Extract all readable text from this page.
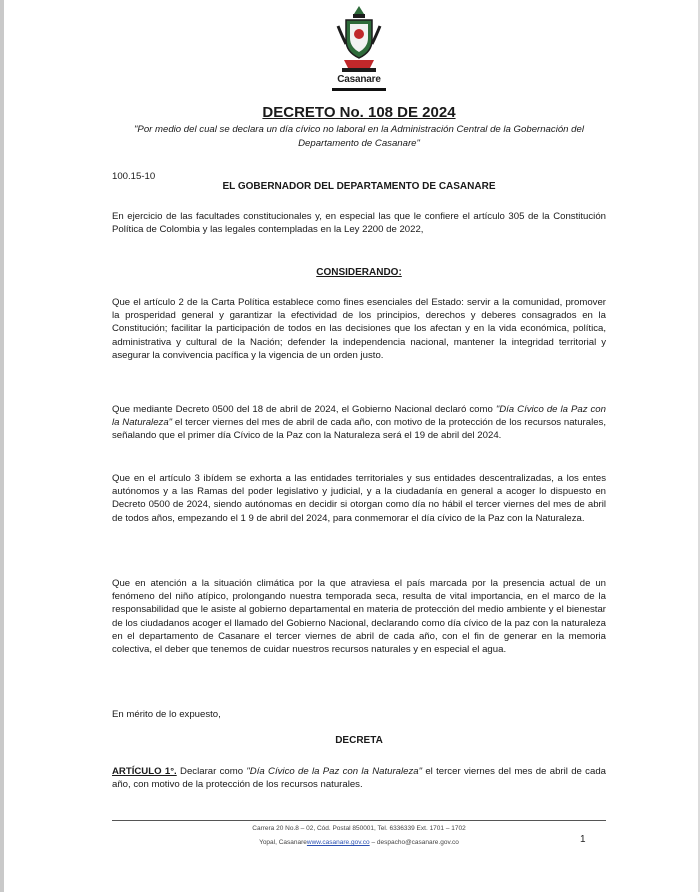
Casanare
DECRETO No. 108 DE 2024
"Por medio del cual se declara un día cívico no laboral en la Administración Central de la Gobernación del Departamento de Casanare"
100.15-10
EL GOBERNADOR DEL DEPARTAMENTO DE CASANARE
En ejercicio de las facultades constitucionales y, en especial las que le confiere el artículo 305 de la Constitución Política de Colombia y las legales contempladas en la Ley 2200 de 2022,
CONSIDERANDO:
Que el artículo 2 de la Carta Política establece como fines esenciales del Estado: servir a la comunidad, promover la prosperidad general y garantizar la efectividad de los principios, derechos y deberes consagrados en la Constitución; facilitar la participación de todos en las decisiones que los afectan y en la vida económica, política, administrativa y cultural de la Nación; defender la independencia nacional, mantener la integridad territorial y asegurar la convivencia pacífica y la vigencia de un orden justo.
Que mediante Decreto 0500 del 18 de abril de 2024, el Gobierno Nacional declaró como "Día Cívico de la Paz con la Naturaleza" el tercer viernes del mes de abril de cada año, con motivo de la protección de los recursos naturales, señalando que el primer día Cívico de la Paz con la Naturaleza será el 19 de abril del 2024.
Que en el artículo 3 ibídem se exhorta a las entidades territoriales y sus entidades descentralizadas, a los entes autónomos y a las Ramas del poder legislativo y judicial, y a la ciudadanía en general a acoger lo dispuesto en Decreto 0500 de 2024, siendo autónomas en decidir si otorgan como día no hábil el tercer viernes del mes de abril de todos años, empezando el 1 9 de abril del 2024, para conmemorar el día cívico de la Paz con la Naturaleza.
Que en atención a la situación climática por la que atraviesa el país marcada por la presencia actual de un fenómeno del niño atípico, prolongando nuestra temporada seca, resulta de vital importancia, en el marco de la responsabilidad que le asiste al gobierno departamental en materia de protección del medio ambiente y el bienestar de los ciudadanos acoger el llamado del Gobierno Nacional, declarando como día cívico de la paz con la naturaleza en el departamento de Casanare el tercer viernes de abril de cada año, con el fin de generar en la memoria colectiva, el deber que tenemos de cuidar nuestros recursos naturales y en especial el agua.
En mérito de lo expuesto,
DECRETA
ARTÍCULO 1°. Declarar como "Día Cívico de la Paz con la Naturaleza" el tercer viernes del mes de abril de cada año, con motivo de la protección de los recursos naturales.
Carrera 20 No.8 – 02, Cód. Postal 850001, Tel. 6336339 Ext. 1701 – 1702
Yopal, Casanarewww.casanare.gov.co – despacho@casanare.gov.co	1
